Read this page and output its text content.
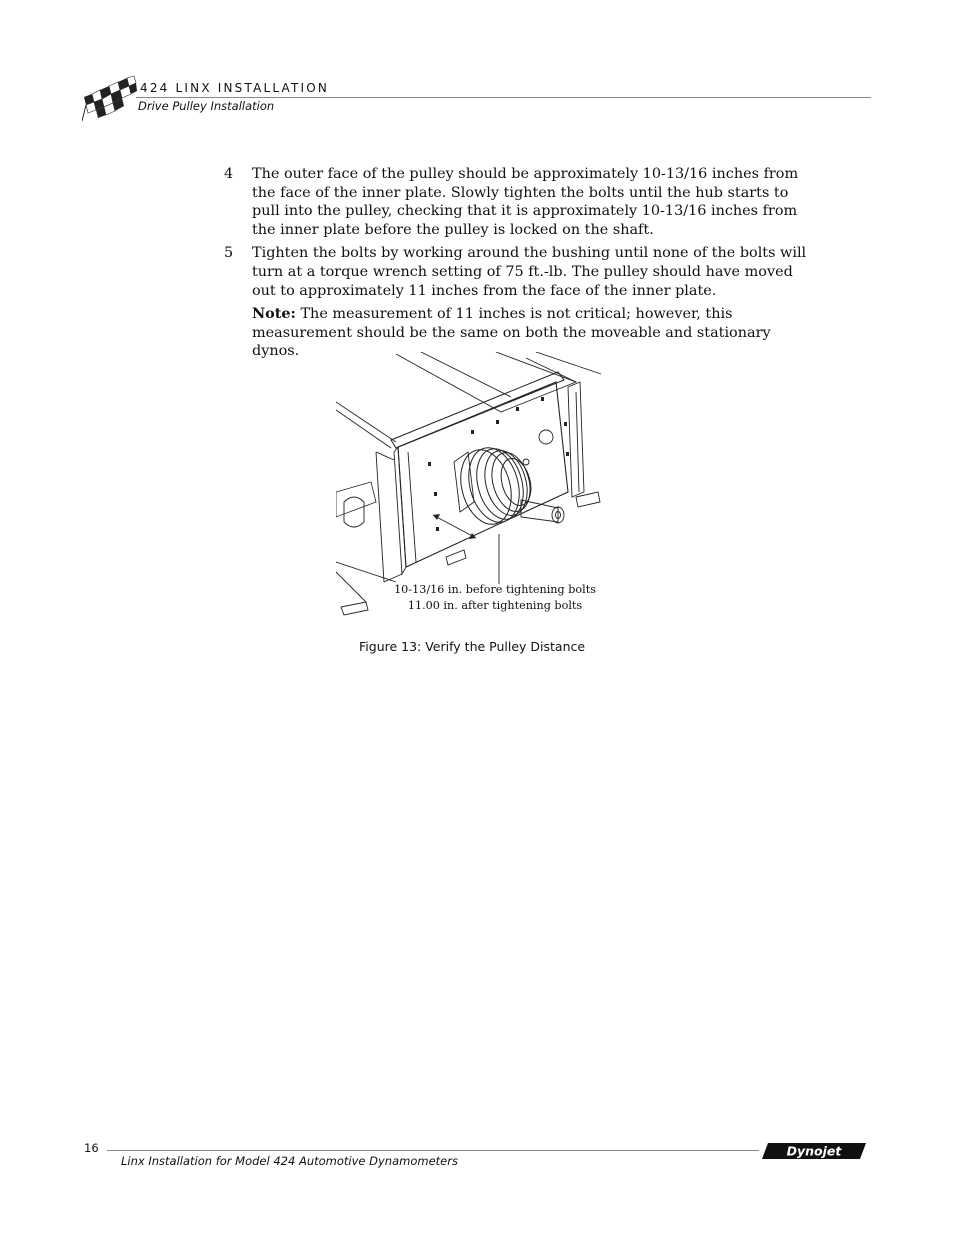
424 LINX INSTALLATION
Drive Pulley Installation
4 The outer face of the pulley should be approximately 10-13/16 inches from the face of the inner plate. Slowly tighten the bolts until the hub starts to pull into the pulley, checking that it is approximately 10-13/16 inches from the inner plate before the pulley is locked on the shaft.
5 Tighten the bolts by working around the bushing until none of the bolts will turn at a torque wrench setting of 75 ft.-lb. The pulley should have moved out to approximately 11 inches from the face of the inner plate.
Note: The measurement of 11 inches is not critical; however, this measurement should be the same on both the moveable and stationary dynos.
10-13/16 in. before tightening bolts
11.00 in. after tightening bolts
Figure 13: Verify the Pulley Distance
16
Linx Installation for Model 424 Automotive Dynamometers
Dynojet
